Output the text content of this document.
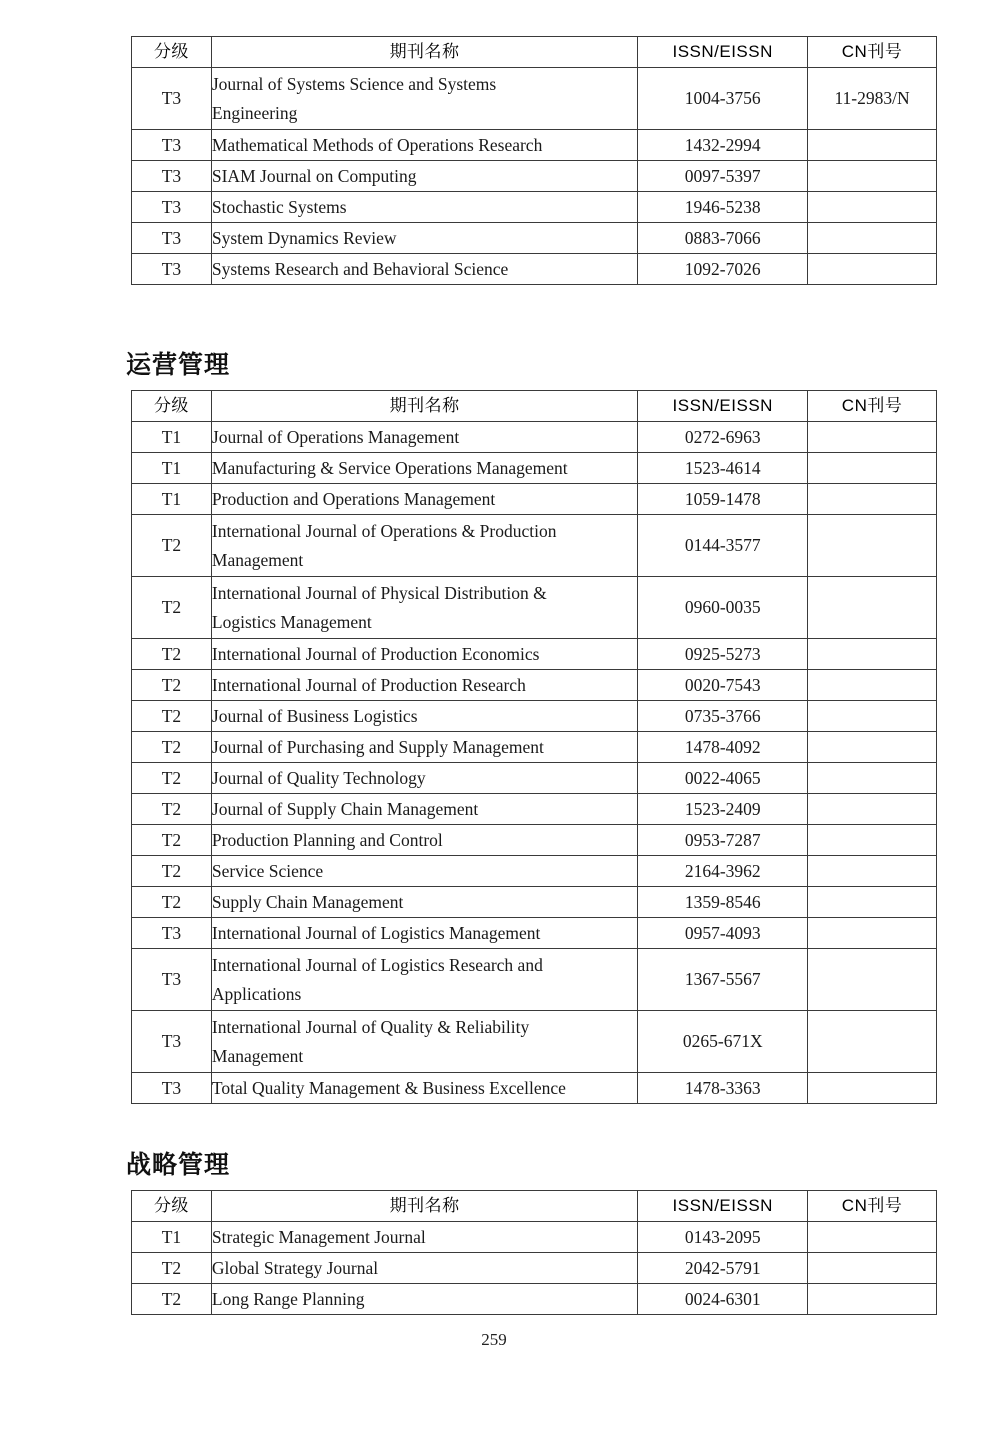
分级	期刊名称	ISSN/EISSN	CN刊号
T3	Journal of Systems Science and Systems
Engineering	1004-3756	11-2983/N
T3	Mathematical Methods of Operations Research	1432-2994	
T3	SIAM Journal on Computing	0097-5397	
T3	Stochastic Systems	1946-5238	
T3	System Dynamics Review	0883-7066	
T3	Systems Research and Behavioral Science	1092-7026	
运营管理
分级	期刊名称	ISSN/EISSN	CN刊号
T1	Journal of Operations Management	0272-6963	
T1	Manufacturing & Service Operations Management	1523-4614	
T1	Production and Operations Management	1059-1478	
T2	International Journal of Operations & Production
Management	0144-3577	
T2	International Journal of Physical Distribution &
Logistics Management	0960-0035	
T2	International Journal of Production Economics	0925-5273	
T2	International Journal of Production Research	0020-7543	
T2	Journal of Business Logistics	0735-3766	
T2	Journal of Purchasing and Supply Management	1478-4092	
T2	Journal of Quality Technology	0022-4065	
T2	Journal of Supply Chain Management	1523-2409	
T2	Production Planning and Control	0953-7287	
T2	Service Science	2164-3962	
T2	Supply Chain Management	1359-8546	
T3	International Journal of Logistics Management	0957-4093	
T3	International Journal of Logistics Research and
Applications	1367-5567	
T3	International Journal of Quality & Reliability
Management	0265-671X	
T3	Total Quality Management & Business Excellence	1478-3363	
战略管理
分级	期刊名称	ISSN/EISSN	CN刊号
T1	Strategic Management Journal	0143-2095	
T2	Global Strategy Journal	2042-5791	
T2	Long Range Planning	0024-6301	
259
